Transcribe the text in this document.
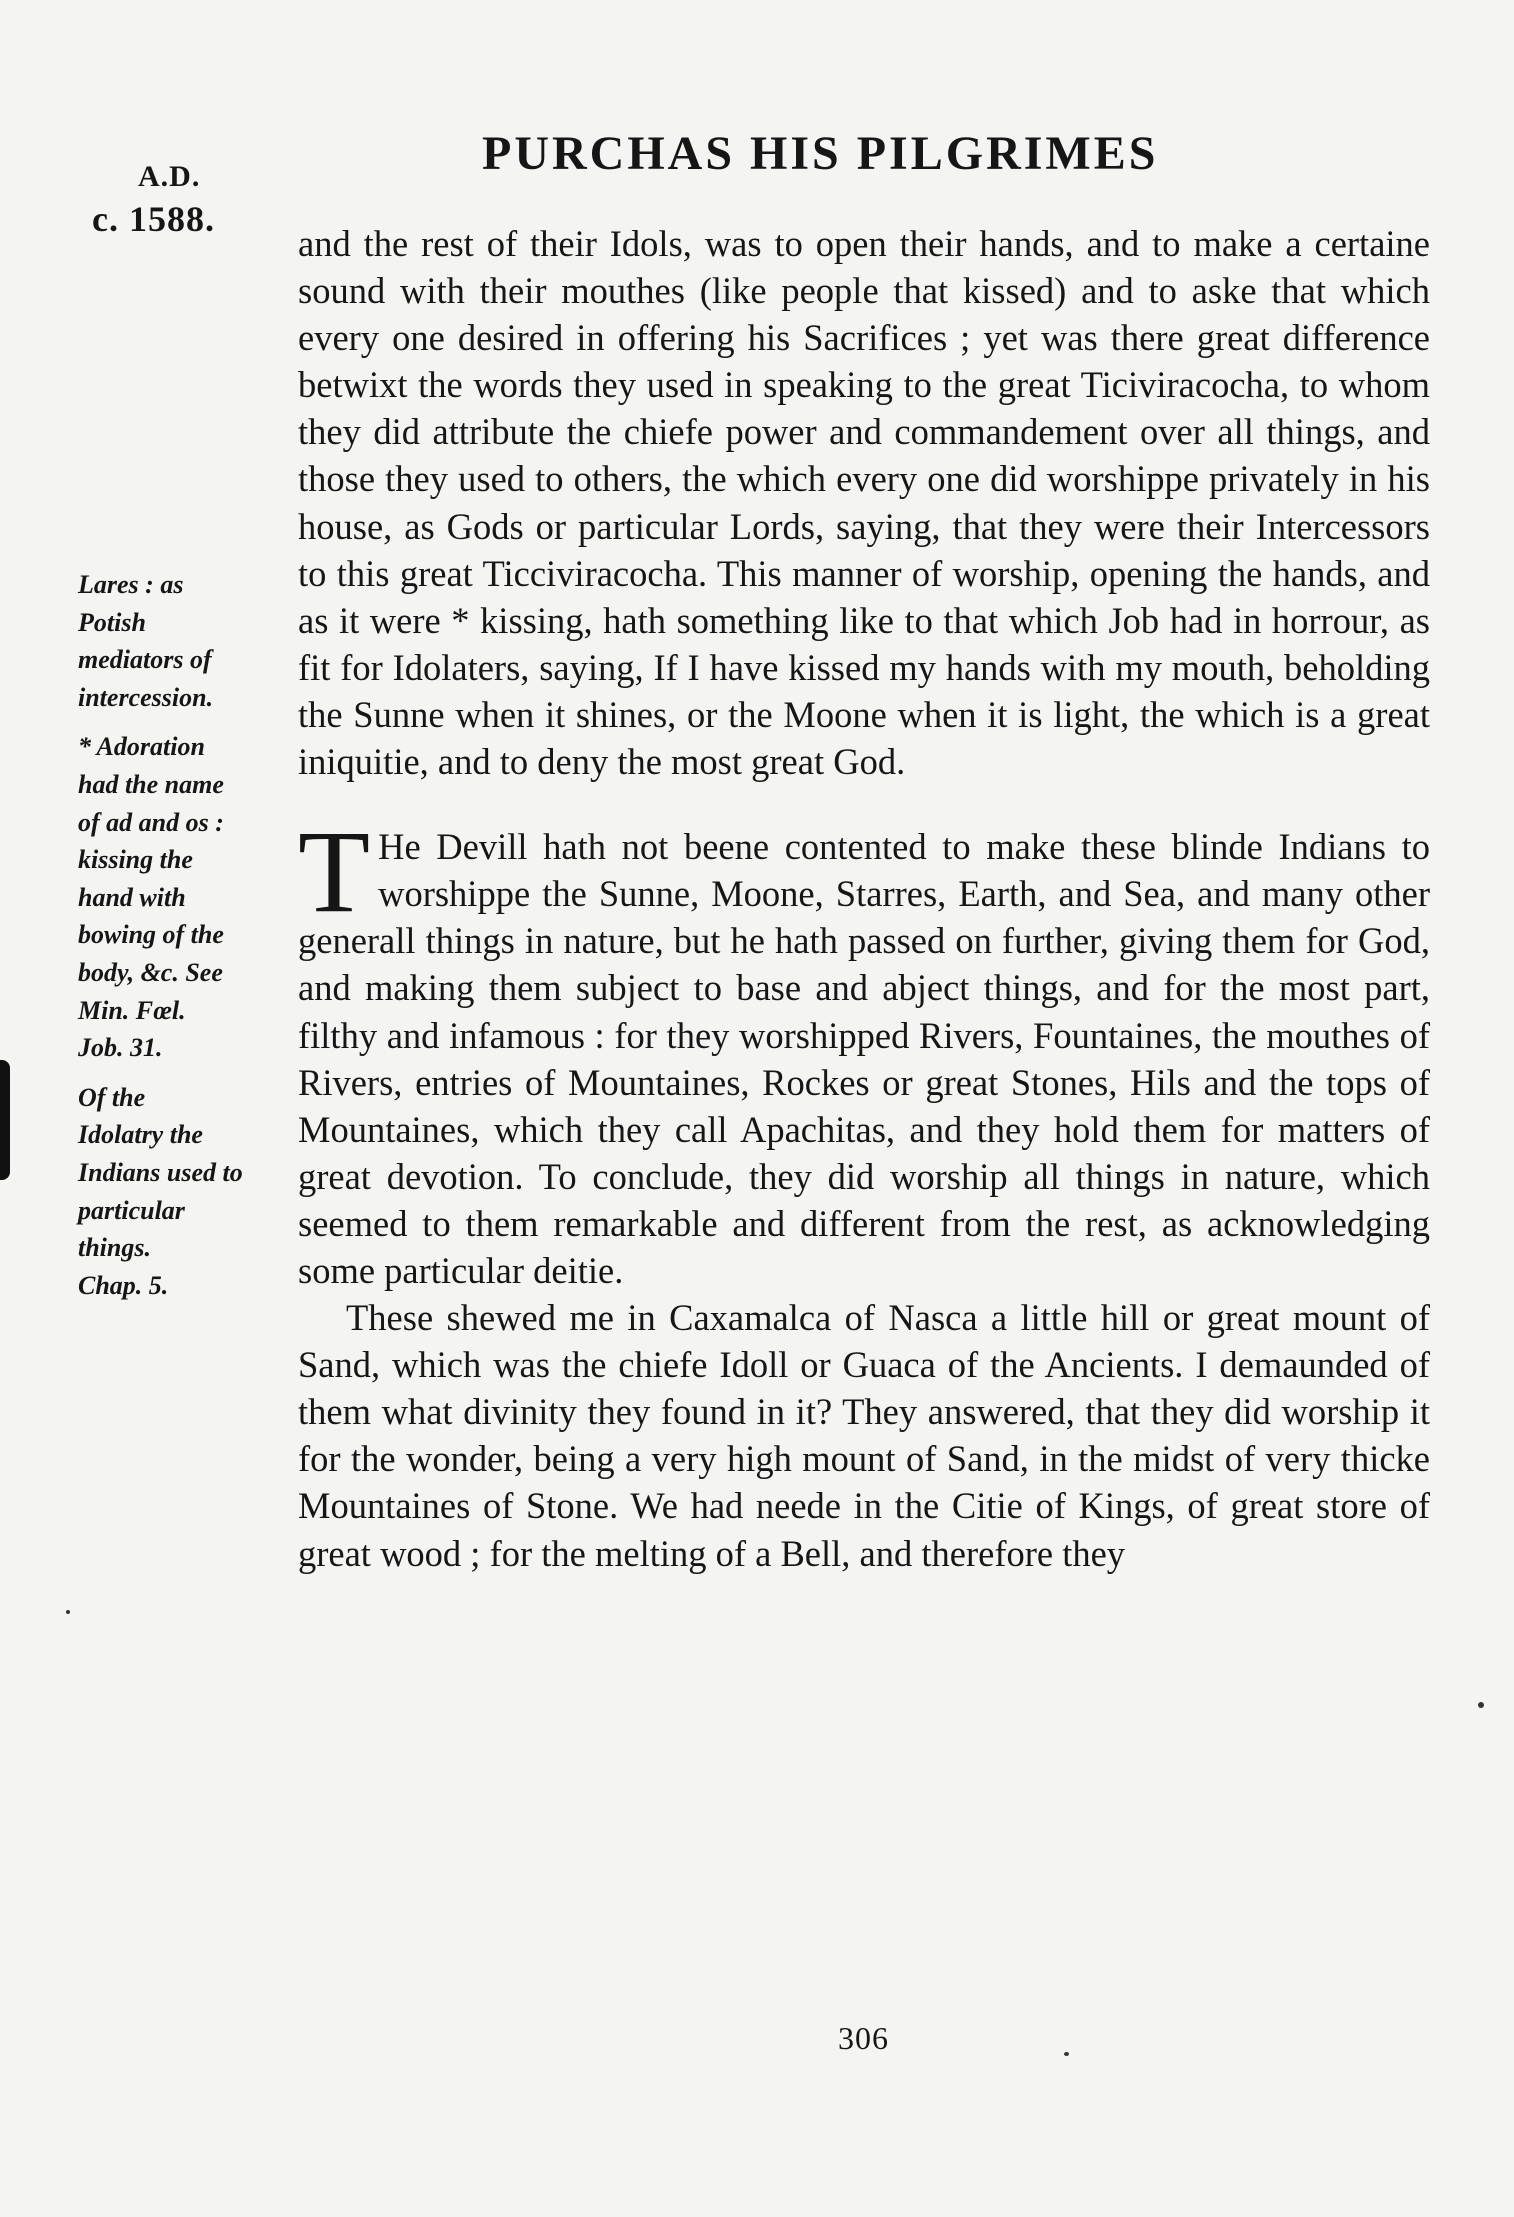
A.D.
c. 1588.
PURCHAS HIS PILGRIMES

Lares : as
Potish
mediators of
intercession.

* Adoration
had the name
of ad and os :
kissing the
hand with
bowing of the
body, &c. See
Min. Fœl.
Job. 31.

Of the
Idolatry the
Indians used to
particular
things.
Chap. 5.

and the rest of their Idols, was to open their hands, and to make a certaine sound with their mouthes (like people that kissed) and to aske that which every one desired in offering his Sacrifices ; yet was there great difference betwixt the words they used in speaking to the great Ticiviracocha, to whom they did attribute the chiefe power and commandement over all things, and those they used to others, the which every one did worshippe privately in his house, as Gods or particular Lords, saying, that they were their Intercessors to this great Ticciviracocha. This manner of worship, opening the hands, and as it were * kissing, hath something like to that which Job had in horrour, as fit for Idolaters, saying, If I have kissed my hands with my mouth, beholding the Sunne when it shines, or the Moone when it is light, the which is a great iniquitie, and to deny the most great God.

T He Devill hath not beene contented to make these blinde Indians to worshippe the Sunne, Moone, Starres, Earth, and Sea, and many other generall things in nature, but he hath passed on further, giving them for God, and making them subject to base and abject things, and for the most part, filthy and infamous : for they worshipped Rivers, Fountaines, the mouthes of Rivers, entries of Mountaines, Rockes or great Stones, Hils and the tops of Mountaines, which they call Apachitas, and they hold them for matters of great devotion. To conclude, they did worship all things in nature, which seemed to them remarkable and different from the rest, as acknowledging some particular deitie.

These shewed me in Caxamalca of Nasca a little hill or great mount of Sand, which was the chiefe Idoll or Guaca of the Ancients. I demaunded of them what divinity they found in it? They answered, that they did worship it for the wonder, being a very high mount of Sand, in the midst of very thicke Mountaines of Stone. We had neede in the Citie of Kings, of great store of great wood ; for the melting of a Bell, and therefore they

306
